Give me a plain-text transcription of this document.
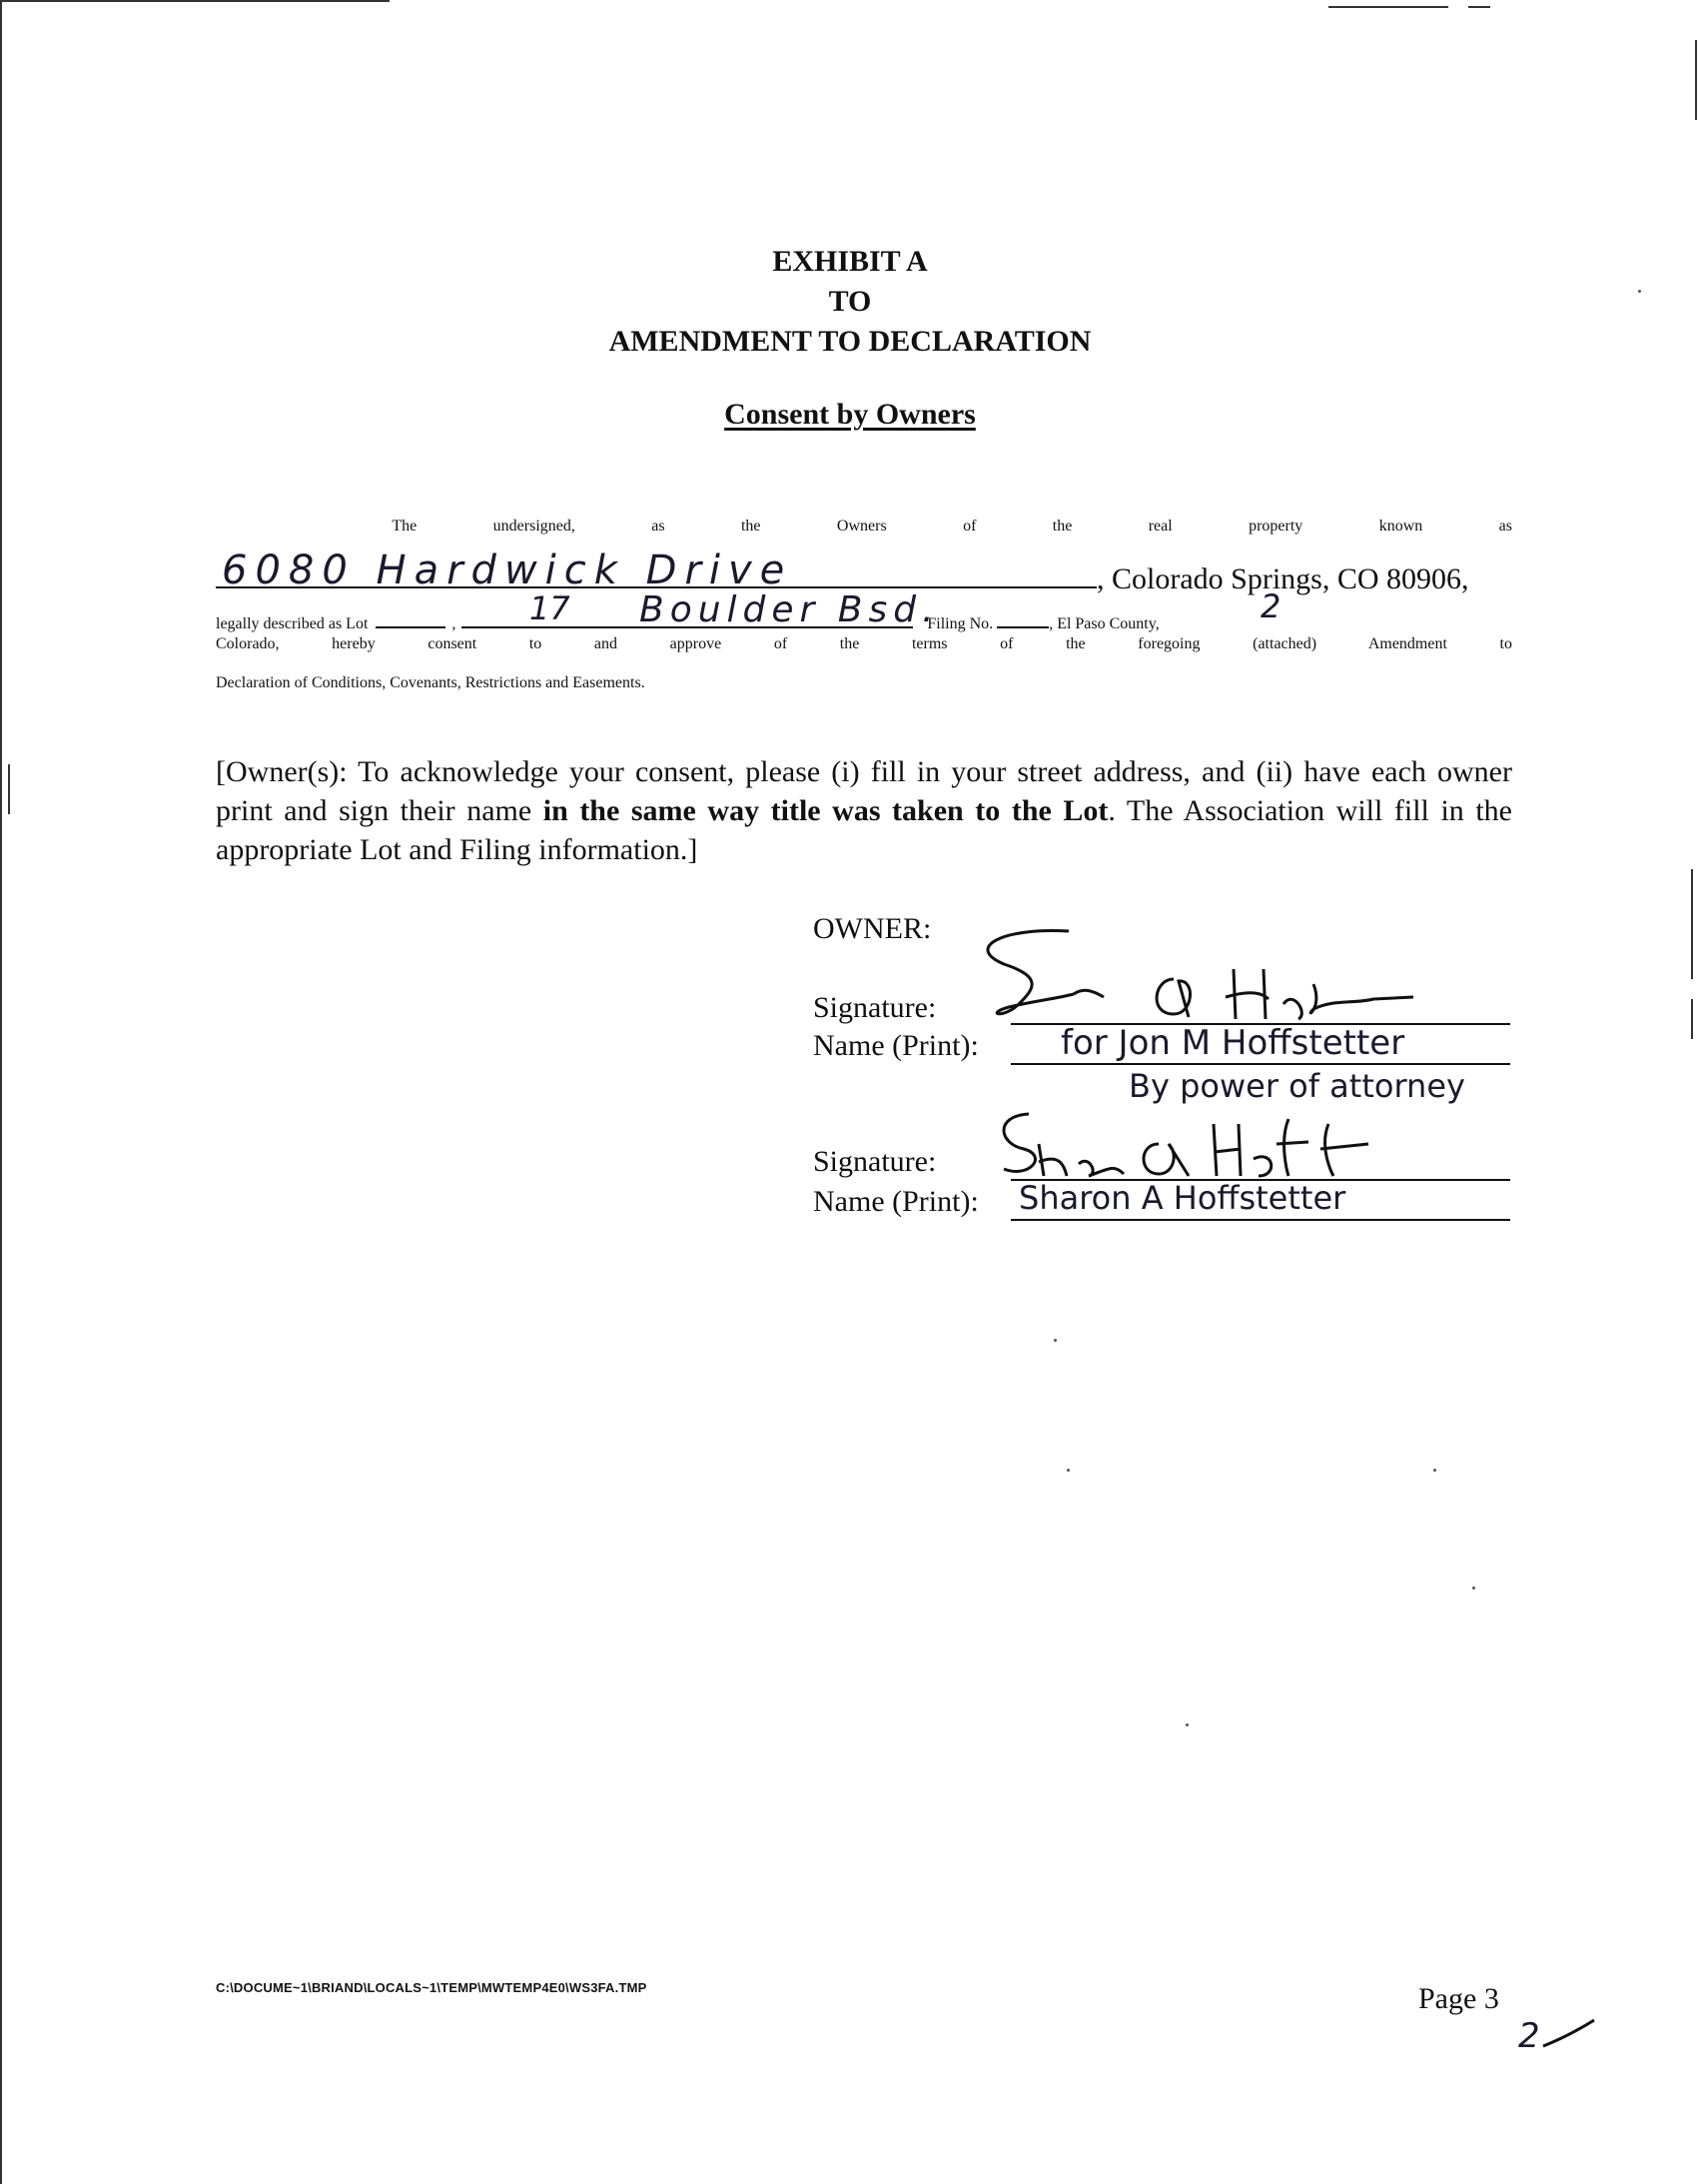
EXHIBIT A
TO
AMENDMENT TO DECLARATION
Consent by Owners
The	undersigned,	as	the	Owners	of	the	real	property	known	as
, Colorado Springs, CO 80906,
6080 Hardwick Drive
legally described as Lot	,	Filing No.	, El Paso County,
17 Boulder Bsd.	2
Colorado, hereby consent to and approve of the terms of the foregoing (attached) Amendment to
Declaration of Conditions, Covenants, Restrictions and Easements.
[Owner(s): To acknowledge your consent, please (i) fill in your street address, and (ii) have each owner print and sign their name in the same way title was taken to the Lot. The Association will fill in the appropriate Lot and Filing information.]
OWNER:
Signature:
Name (Print): for Jon M Hoffstetter
By power of attorney
Signature:
Name (Print): Sharon A Hoffstetter
C:\DOCUME~1\BRIAND\LOCALS~1\TEMP\MWTEMP4E0\WS3FA.TMP	Page 3
2
